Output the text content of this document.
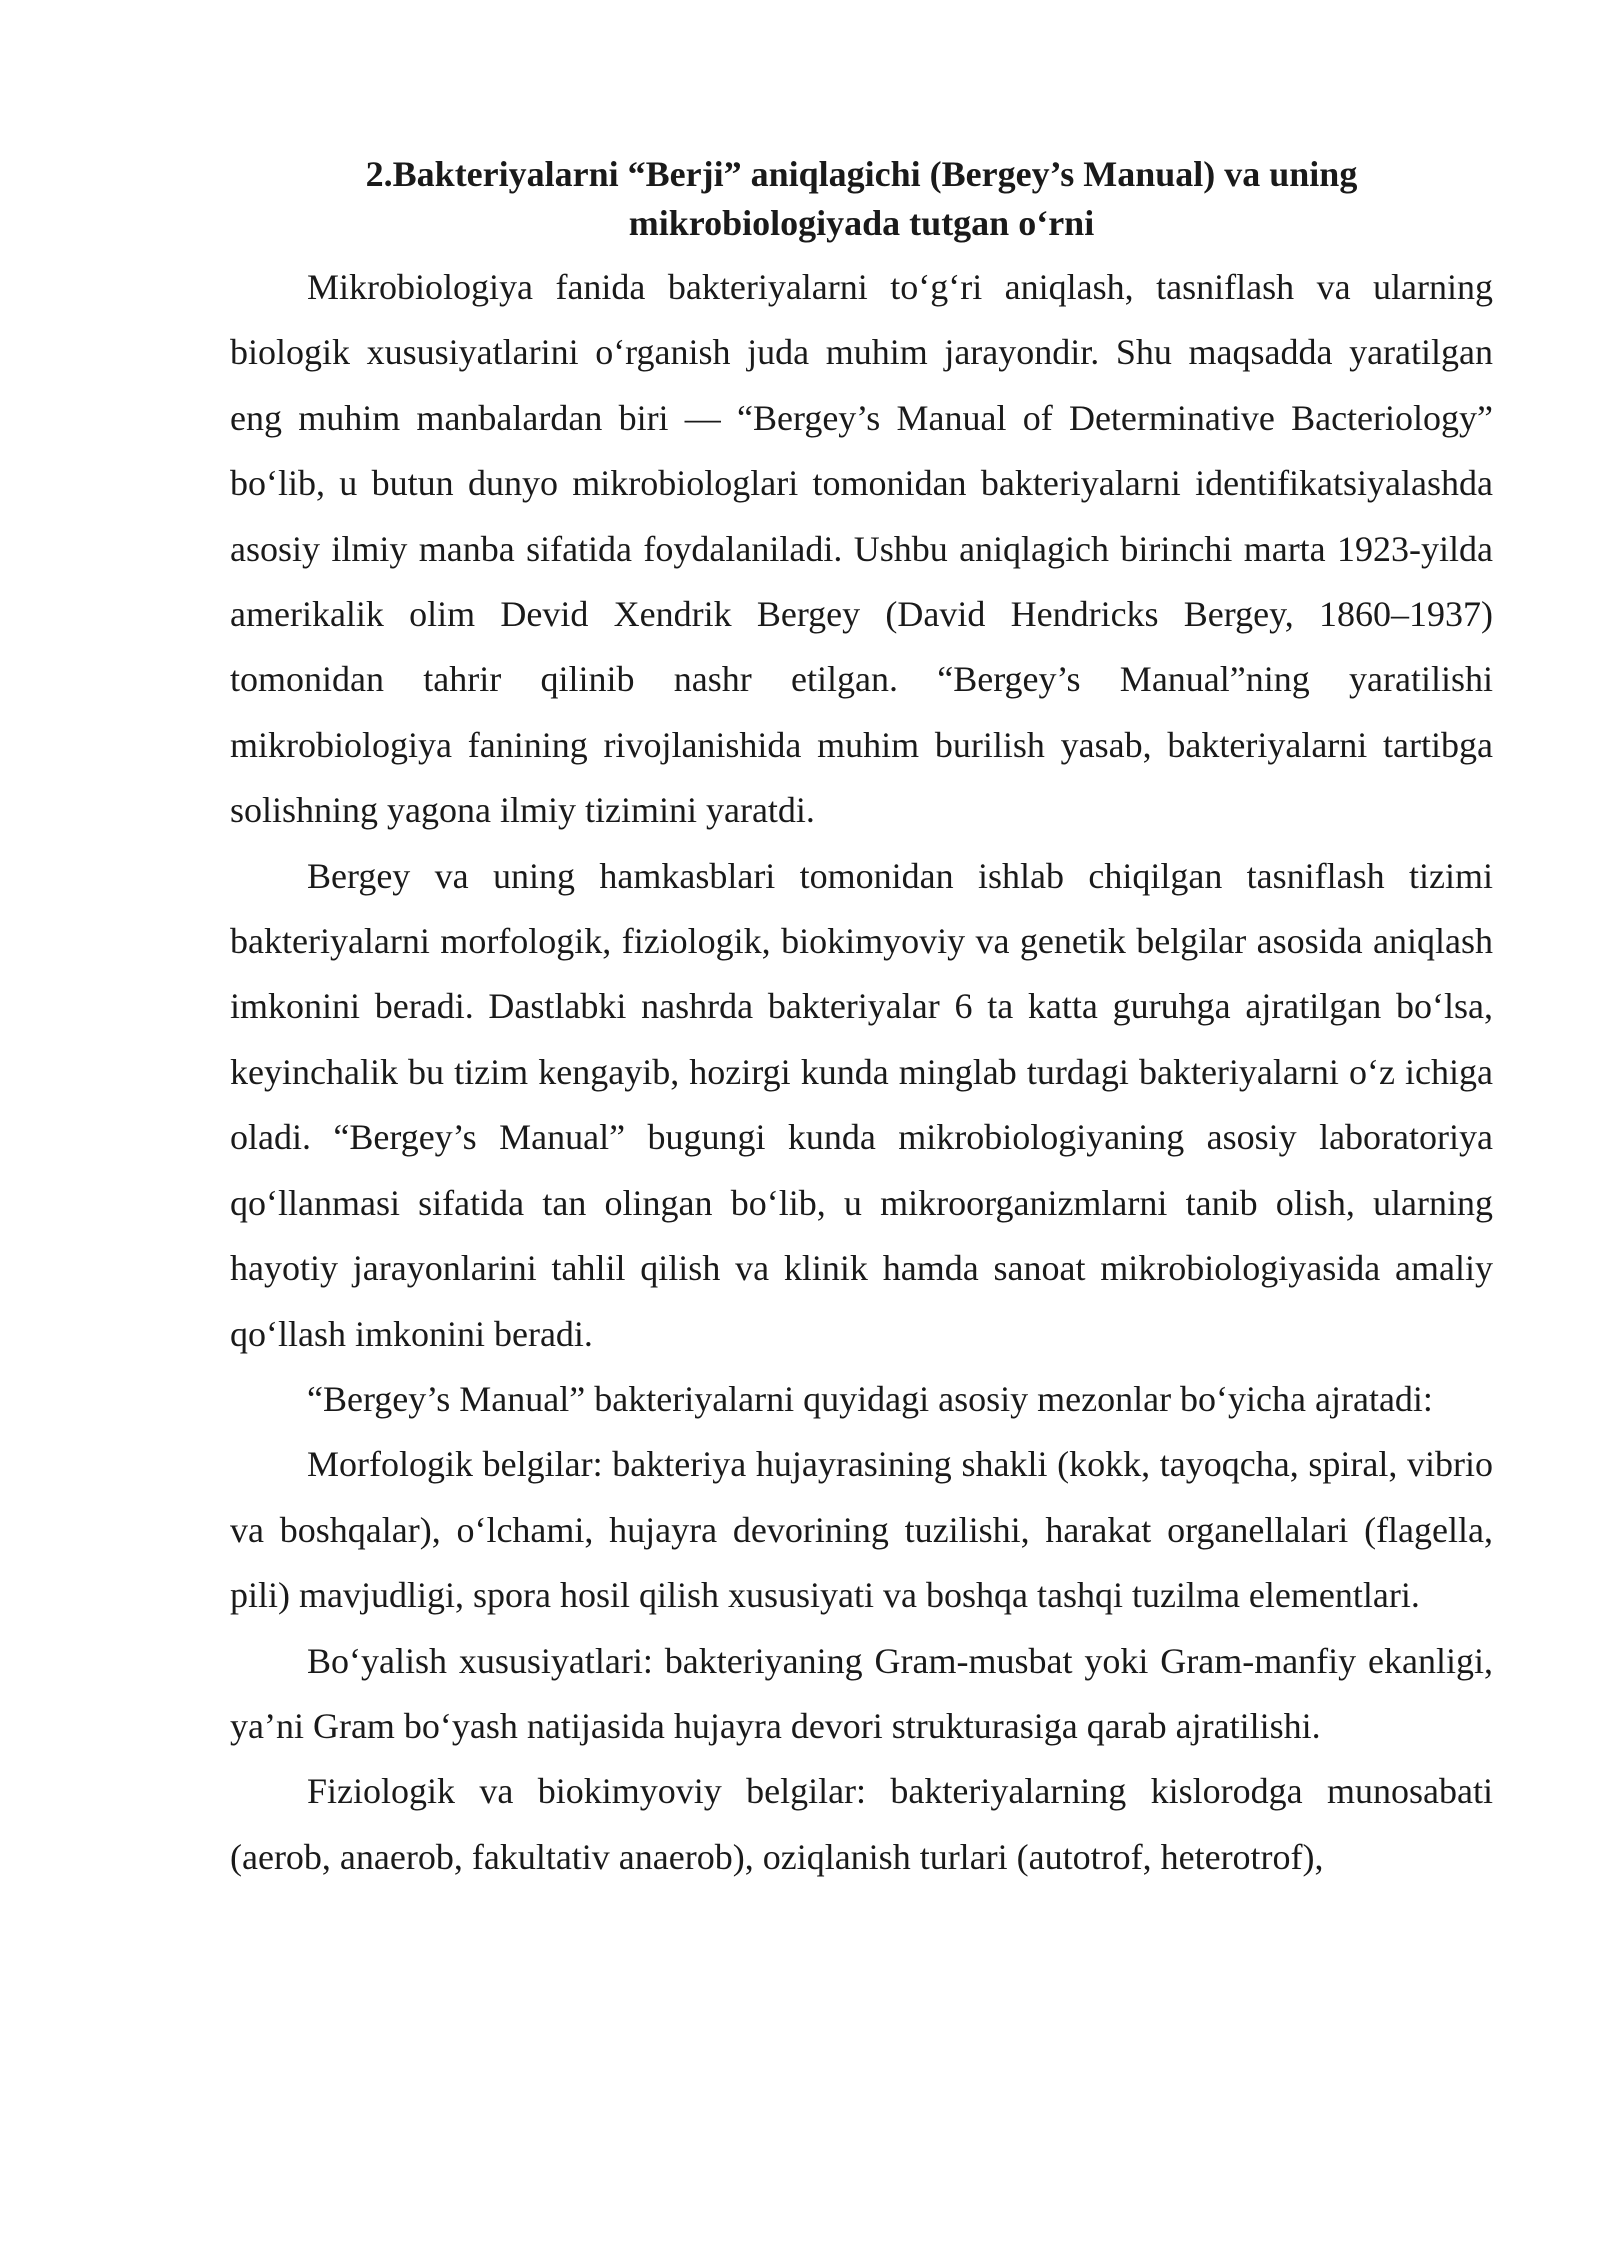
2.Bakteriyalarni “Berji” aniqlagichi (Bergey’s Manual) va uning mikrobiologiyada tutgan o‘rni

Mikrobiologiya fanida bakteriyalarni to‘g‘ri aniqlash, tasniflash va ularning biologik xususiyatlarini o‘rganish juda muhim jarayondir. Shu maqsadda yaratilgan eng muhim manbalardan biri — “Bergey’s Manual of Determinative Bacteriology” bo‘lib, u butun dunyo mikrobiologlari tomonidan bakteriyalarni identifikatsiyalashda asosiy ilmiy manba sifatida foydalaniladi. Ushbu aniqlagich birinchi marta 1923-yilda amerikalik olim Devid Xendrik Bergey (David Hendricks Bergey, 1860–1937) tomonidan tahrir qilinib nashr etilgan. “Bergey’s Manual”ning yaratilishi mikrobiologiya fanining rivojlanishida muhim burilish yasab, bakteriyalarni tartibga solishning yagona ilmiy tizimini yaratdi.

Bergey va uning hamkasblari tomonidan ishlab chiqilgan tasniflash tizimi bakteriyalarni morfologik, fiziologik, biokimyoviy va genetik belgilar asosida aniqlash imkonini beradi. Dastlabki nashrda bakteriyalar 6 ta katta guruhga ajratilgan bo‘lsa, keyinchalik bu tizim kengayib, hozirgi kunda minglab turdagi bakteriyalarni o‘z ichiga oladi. “Bergey’s Manual” bugungi kunda mikrobiologiyaning asosiy laboratoriya qo‘llanmasi sifatida tan olingan bo‘lib, u mikroorganizmlarni tanib olish, ularning hayotiy jarayonlarini tahlil qilish va klinik hamda sanoat mikrobiologiyasida amaliy qo‘llash imkonini beradi.

“Bergey’s Manual” bakteriyalarni quyidagi asosiy mezonlar bo‘yicha ajratadi:

Morfologik belgilar: bakteriya hujayrasining shakli (kokk, tayoqcha, spiral, vibrio va boshqalar), o‘lchami, hujayra devorining tuzilishi, harakat organellalari (flagella, pili) mavjudligi, spora hosil qilish xususiyati va boshqa tashqi tuzilma elementlari.

Bo‘yalish xususiyatlari: bakteriyaning Gram-musbat yoki Gram-manfiy ekanligi, ya’ni Gram bo‘yash natijasida hujayra devori strukturasiga qarab ajratilishi.

Fiziologik va biokimyoviy belgilar: bakteriyalarning kislorodga munosabati (aerob, anaerob, fakultativ anaerob), oziqlanish turlari (autotrof, heterotrof),
